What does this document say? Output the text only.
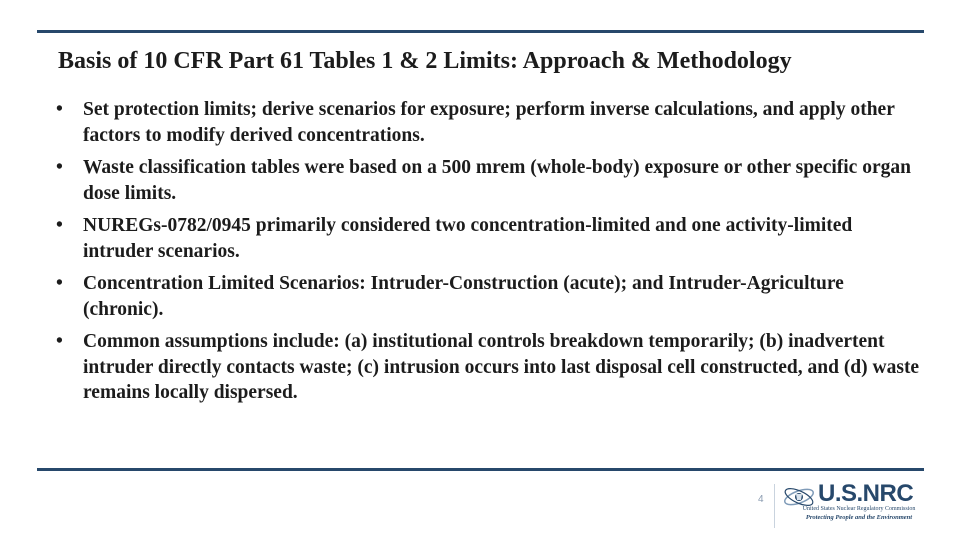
Basis of 10 CFR Part 61 Tables 1 & 2 Limits: Approach & Methodology
• Set protection limits; derive scenarios for exposure; perform inverse calculations, and apply other factors to modify derived concentrations.
• Waste classification tables were based on a 500 mrem (whole-body) exposure or other specific organ dose limits.
• NUREGs-0782/0945 primarily considered two concentration-limited and one activity-limited intruder scenarios.
• Concentration Limited Scenarios: Intruder-Construction (acute); and Intruder-Agriculture (chronic).
• Common assumptions include: (a) institutional controls breakdown temporarily; (b) inadvertent intruder directly contacts waste; (c) intrusion occurs into last disposal cell constructed, and (d) waste remains locally dispersed.
4 U.S.NRC
United States Nuclear Regulatory Commission
Protecting People and the Environment
